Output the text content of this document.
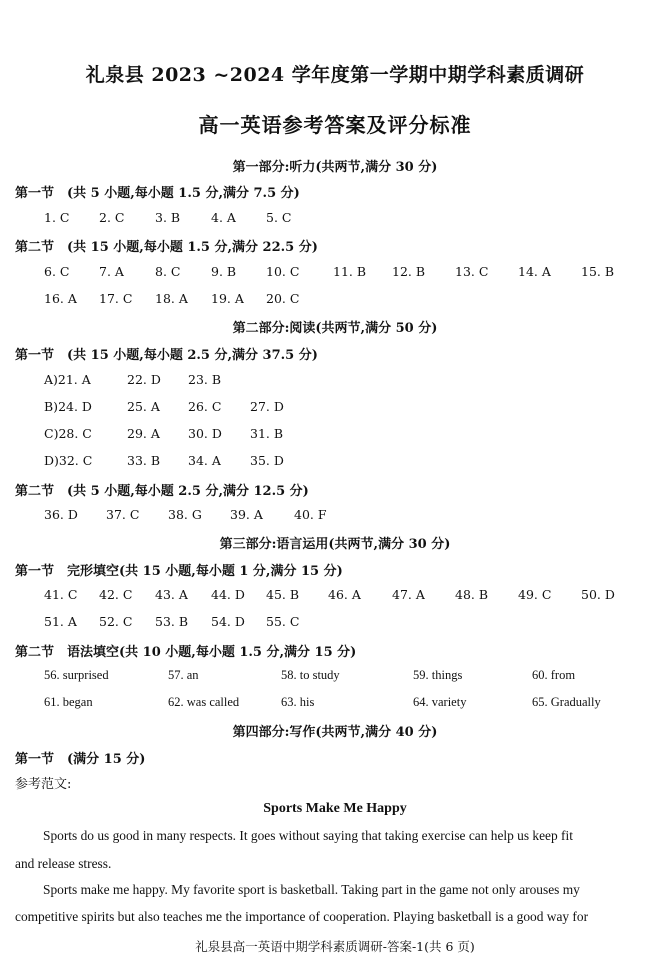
礼泉县 2023 ~2024 学年度第一学期中期学科素质调研
高一英语参考答案及评分标准
第一部分:听力(共两节,满分 30 分)
第一节　(共 5 小题,每小题 1.5 分,满分 7.5 分)
1. C 2. C 3. B 4. A 5. C
第二节　(共 15 小题,每小题 1.5 分,满分 22.5 分)
6. C 7. A 8. C 9. B 10. C	11. B 12. B 13. C 14. A 15. B
16. A 17. C 18. A 19. A 20. C
第二部分:阅读(共两节,满分 50 分)
第一节　(共 15 小题,每小题 2.5 分,满分 37.5 分)
A)21. A	22. D 23. B
B)24. D	25. A 26. C 27. D
C)28. C	29. A 30. D 31. B
D)32. C	33. B 34. A 35. D
第二节　(共 5 小题,每小题 2.5 分,满分 12.5 分)
36. D 37. C 38. G 39. A 40. F
第三部分:语言运用(共两节,满分 30 分)
第一节　完形填空(共 15 小题,每小题 1 分,满分 15 分)
41. C 42. C 43. A 44. D 45. B 46. A 47. A 48. B 49. C 50. D
51. A 52. C 53. B 54. D 55. C
第二节　语法填空(共 10 小题,每小题 1.5 分,满分 15 分)
56. surprised	57. an	58. to study	59. things	60. from
61. began	62. was called	63. his	64. variety	65. Gradually
第四部分:写作(共两节,满分 40 分)
第一节　(满分 15 分)
参考范文:
Sports Make Me Happy
Sports do us good in many respects. It goes without saying that taking exercise can help us keep fit
and release stress.
Sports make me happy. My favorite sport is basketball. Taking part in the game not only arouses my
competitive spirits but also teaches me the importance of cooperation. Playing basketball is a good way for
礼泉县高一英语中期学科素质调研-答案-1(共 6 页)
